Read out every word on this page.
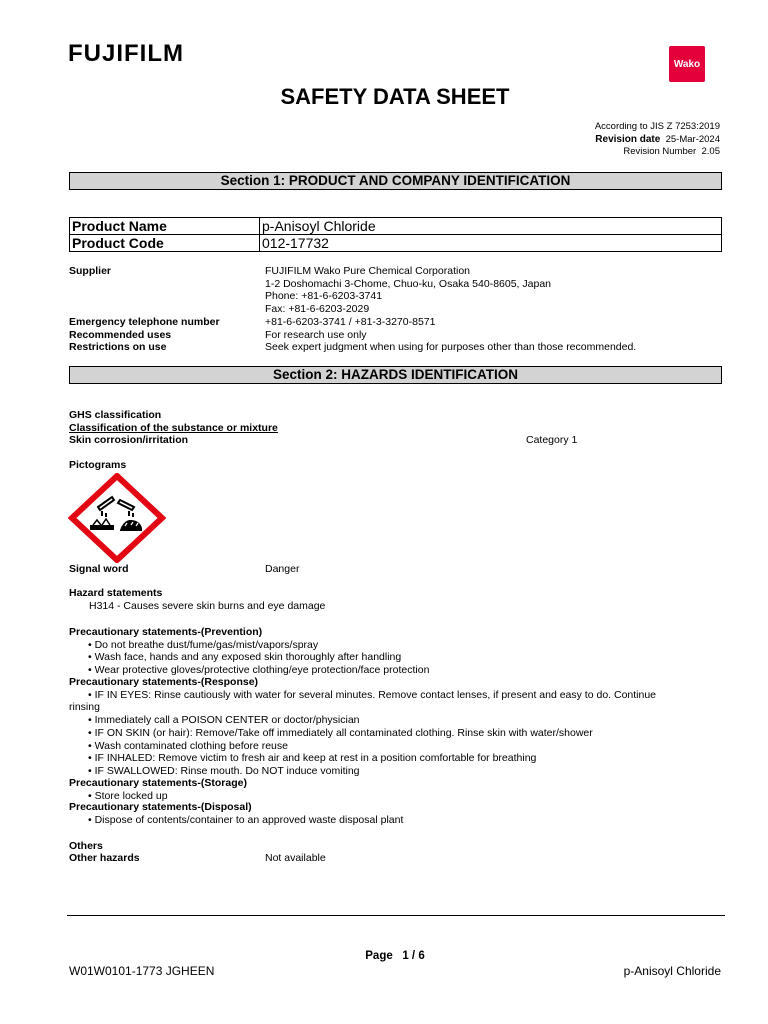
FUJIFILM	Wako
SAFETY DATA SHEET
According to JIS Z 7253:2019
Revision date 25-Mar-2024
Revision Number 2.05
Section 1: PRODUCT AND COMPANY IDENTIFICATION
Product Name	p-Anisoyl Chloride
Product Code	012-17732
Supplier	FUJIFILM Wako Pure Chemical Corporation
1-2 Doshomachi 3-Chome, Chuo-ku, Osaka 540-8605, Japan
Phone: +81-6-6203-3741
Fax: +81-6-6203-2029
Emergency telephone number	+81-6-6203-3741 / +81-3-3270-8571
Recommended uses	For research use only
Restrictions on use	Seek expert judgment when using for purposes other than those recommended.
Section 2: HAZARDS IDENTIFICATION
GHS classification
Classification of the substance or mixture
Skin corrosion/irritation	Category 1
Pictograms
Signal word	Danger
Hazard statements
H314 - Causes severe skin burns and eye damage
Precautionary statements-(Prevention)
• Do not breathe dust/fume/gas/mist/vapors/spray
• Wash face, hands and any exposed skin thoroughly after handling
• Wear protective gloves/protective clothing/eye protection/face protection
Precautionary statements-(Response)
• IF IN EYES: Rinse cautiously with water for several minutes. Remove contact lenses, if present and easy to do. Continue
rinsing
• Immediately call a POISON CENTER or doctor/physician
• IF ON SKIN (or hair): Remove/Take off immediately all contaminated clothing. Rinse skin with water/shower
• Wash contaminated clothing before reuse
• IF INHALED: Remove victim to fresh air and keep at rest in a position comfortable for breathing
• IF SWALLOWED: Rinse mouth. Do NOT induce vomiting
Precautionary statements-(Storage)
• Store locked up
Precautionary statements-(Disposal)
• Dispose of contents/container to an approved waste disposal plant
Others
Other hazards	Not available
Page 1 / 6
W01W0101-1773 JGHEEN	p-Anisoyl Chloride
